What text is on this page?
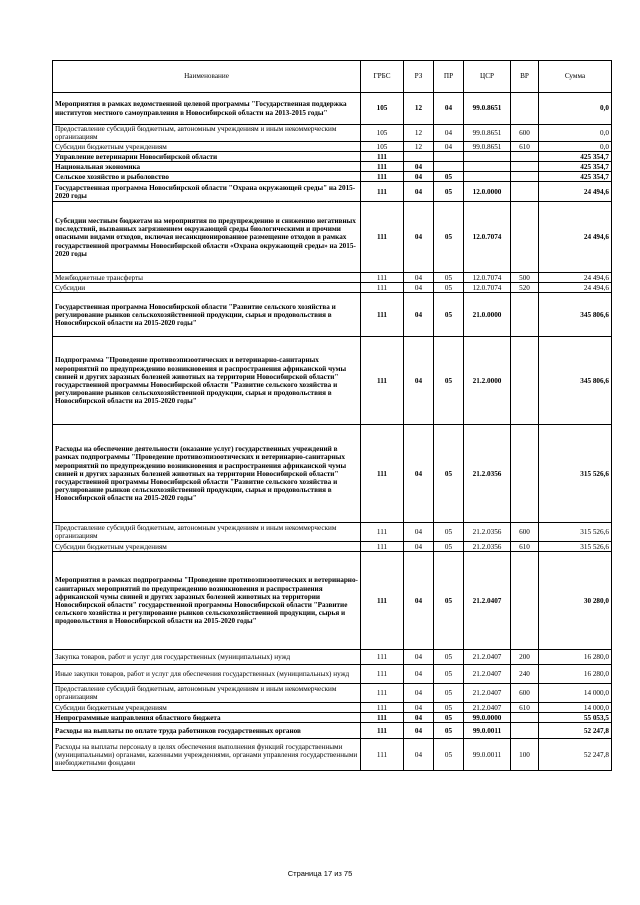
Наименование	ГРБС	РЗ	ПР	ЦСР	ВР	Сумма
Мероприятия в рамках ведомственной целевой программы "Государственная поддержка институтов местного самоуправления в Новосибирской области на 2013-2015 годы"	105	12	04	99.0.8651		0,0
Предоставление субсидий бюджетным, автономным учреждениям и иным некоммерческим организациям	105	12	04	99.0.8651	600	0,0
Субсидии бюджетным учреждениям	105	12	04	99.0.8651	610	0,0
Управление ветеринарии Новосибирской области	111					425 354,7
Национальная экономика	111	04				425 354,7
Сельское хозяйство и рыболовство	111	04	05			425 354,7
Государственная программа Новосибирской области "Охрана окружающей среды" на 2015-2020 годы	111	04	05	12.0.0000		24 494,6
Субсидии местным бюджетам на мероприятия по предупреждению и снижению негативных последствий, вызванных загрязнением окружающей среды биологическими и прочими опасными видами отходов, включая несанкционированное размещение отходов в рамках государственной программы Новосибирской области «Охрана окружающей среды» на 2015-2020 годы	111	04	05	12.0.7074		24 494,6
Межбюджетные трансферты	111	04	05	12.0.7074	500	24 494,6
Субсидии	111	04	05	12.0.7074	520	24 494,6
Государственная программа Новосибирской области "Развитие сельского хозяйства и регулирование рынков сельскохозяйственной продукции, сырья и продовольствия в Новосибирской области на 2015-2020 годы"	111	04	05	21.0.0000		345 806,6
Подпрограмма "Проведение противоэпизоотических и ветеринарно-санитарных мероприятий по предупреждению возникновения и распространения африканской чумы свиней и других заразных болезней животных на территории Новосибирской области" государственной программы Новосибирской области "Развитие сельского хозяйства и регулирование рынков сельскохозяйственной продукции, сырья и продовольствия в Новосибирской области на 2015-2020 годы"	111	04	05	21.2.0000		345 806,6
Расходы на обеспечение деятельности (оказание услуг) государственных учреждений в рамках подпрограммы "Проведение противоэпизоотических и ветеринарно-санитарных мероприятий по предупреждению возникновения и распространения африканской чумы свиней и других заразных болезней животных на территории Новосибирской области" государственной программы Новосибирской области "Развитие сельского хозяйства и регулирование рынков сельскохозяйственной продукции, сырья и продовольствия в Новосибирской области на 2015-2020 годы"	111	04	05	21.2.0356		315 526,6
Предоставление субсидий бюджетным, автономным учреждениям и иным некоммерческим организациям	111	04	05	21.2.0356	600	315 526,6
Субсидии бюджетным учреждениям	111	04	05	21.2.0356	610	315 526,6
Мероприятия в рамках подпрограммы "Проведение противоэпизоотических и ветеринарно-санитарных мероприятий по предупреждению возникновения и распространения африканской чумы свиней и других заразных болезней животных на территории Новосибирской области" государственной программы Новосибирской области "Развитие сельского хозяйства и регулирование рынков сельскохозяйственной продукции, сырья и продовольствия в Новосибирской области на 2015-2020 годы"	111	04	05	21.2.0407		30 280,0
Закупка товаров, работ и услуг для государственных (муниципальных) нужд	111	04	05	21.2.0407	200	16 280,0
Иные закупки товаров, работ и услуг для обеспечения государственных (муниципальных) нужд	111	04	05	21.2.0407	240	16 280,0
Предоставление субсидий бюджетным, автономным учреждениям и иным некоммерческим организациям	111	04	05	21.2.0407	600	14 000,0
Субсидии бюджетным учреждениям	111	04	05	21.2.0407	610	14 000,0
Непрограммные направления областного бюджета	111	04	05	99.0.0000		55 053,5
Расходы на выплаты по оплате труда работников государственных органов	111	04	05	99.0.0011		52 247,8
Расходы на выплаты персоналу в целях обеспечения выполнения функций государственными (муниципальными) органами, казенными учреждениями, органами управления государственными внебюджетными фондами	111	04	05	99.0.0011	100	52 247,8
Страница 17 из 75
